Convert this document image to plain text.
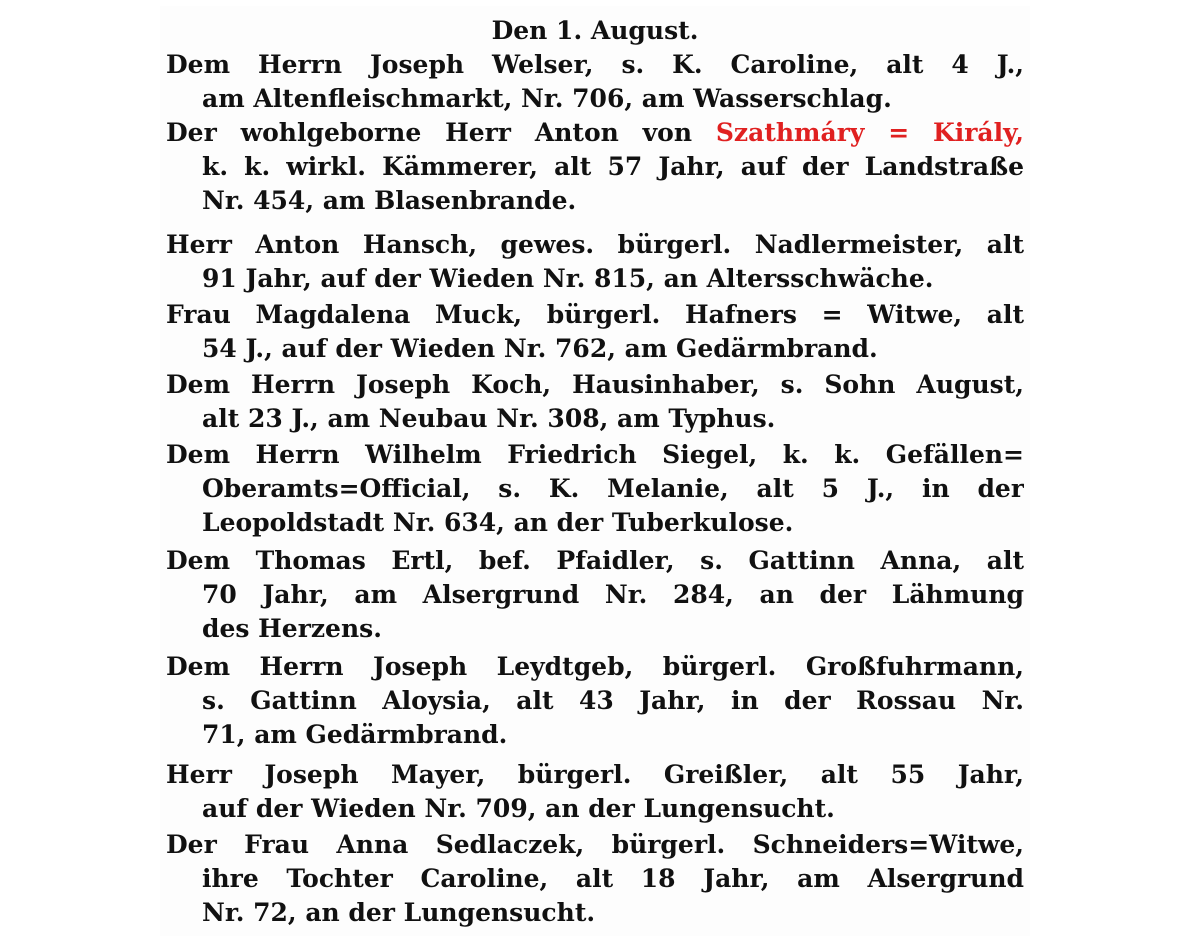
Den 1. August.
Dem Herrn Joseph Welser, s. K. Caroline, alt 4 J.,
am Altenfleischmarkt, Nr. 706, am Wasserschlag.
Der wohlgeborne Herr Anton von Szathmáry = Király,
k. k. wirkl. Kämmerer, alt 57 Jahr, auf der Landstraße
Nr. 454, am Blasenbrande.
Herr Anton Hansch, gewes. bürgerl. Nadlermeister, alt
91 Jahr, auf der Wieden Nr. 815, an Altersschwäche.
Frau Magdalena Muck, bürgerl. Hafners = Witwe, alt
54 J., auf der Wieden Nr. 762, am Gedärmbrand.
Dem Herrn Joseph Koch, Hausinhaber, s. Sohn August,
alt 23 J., am Neubau Nr. 308, am Typhus.
Dem Herrn Wilhelm Friedrich Siegel, k. k. Gefällen=
Oberamts=Official, s. K. Melanie, alt 5 J., in der
Leopoldstadt Nr. 634, an der Tuberkulose.
Dem Thomas Ertl, bef. Pfaidler, s. Gattinn Anna, alt
70 Jahr, am Alsergrund Nr. 284, an der Lähmung
des Herzens.
Dem Herrn Joseph Leydtgeb, bürgerl. Großfuhrmann,
s. Gattinn Aloysia, alt 43 Jahr, in der Rossau Nr.
71, am Gedärmbrand.
Herr Joseph Mayer, bürgerl. Greißler, alt 55 Jahr,
auf der Wieden Nr. 709, an der Lungensucht.
Der Frau Anna Sedlaczek, bürgerl. Schneiders=Witwe,
ihre Tochter Caroline, alt 18 Jahr, am Alsergrund
Nr. 72, an der Lungensucht.
